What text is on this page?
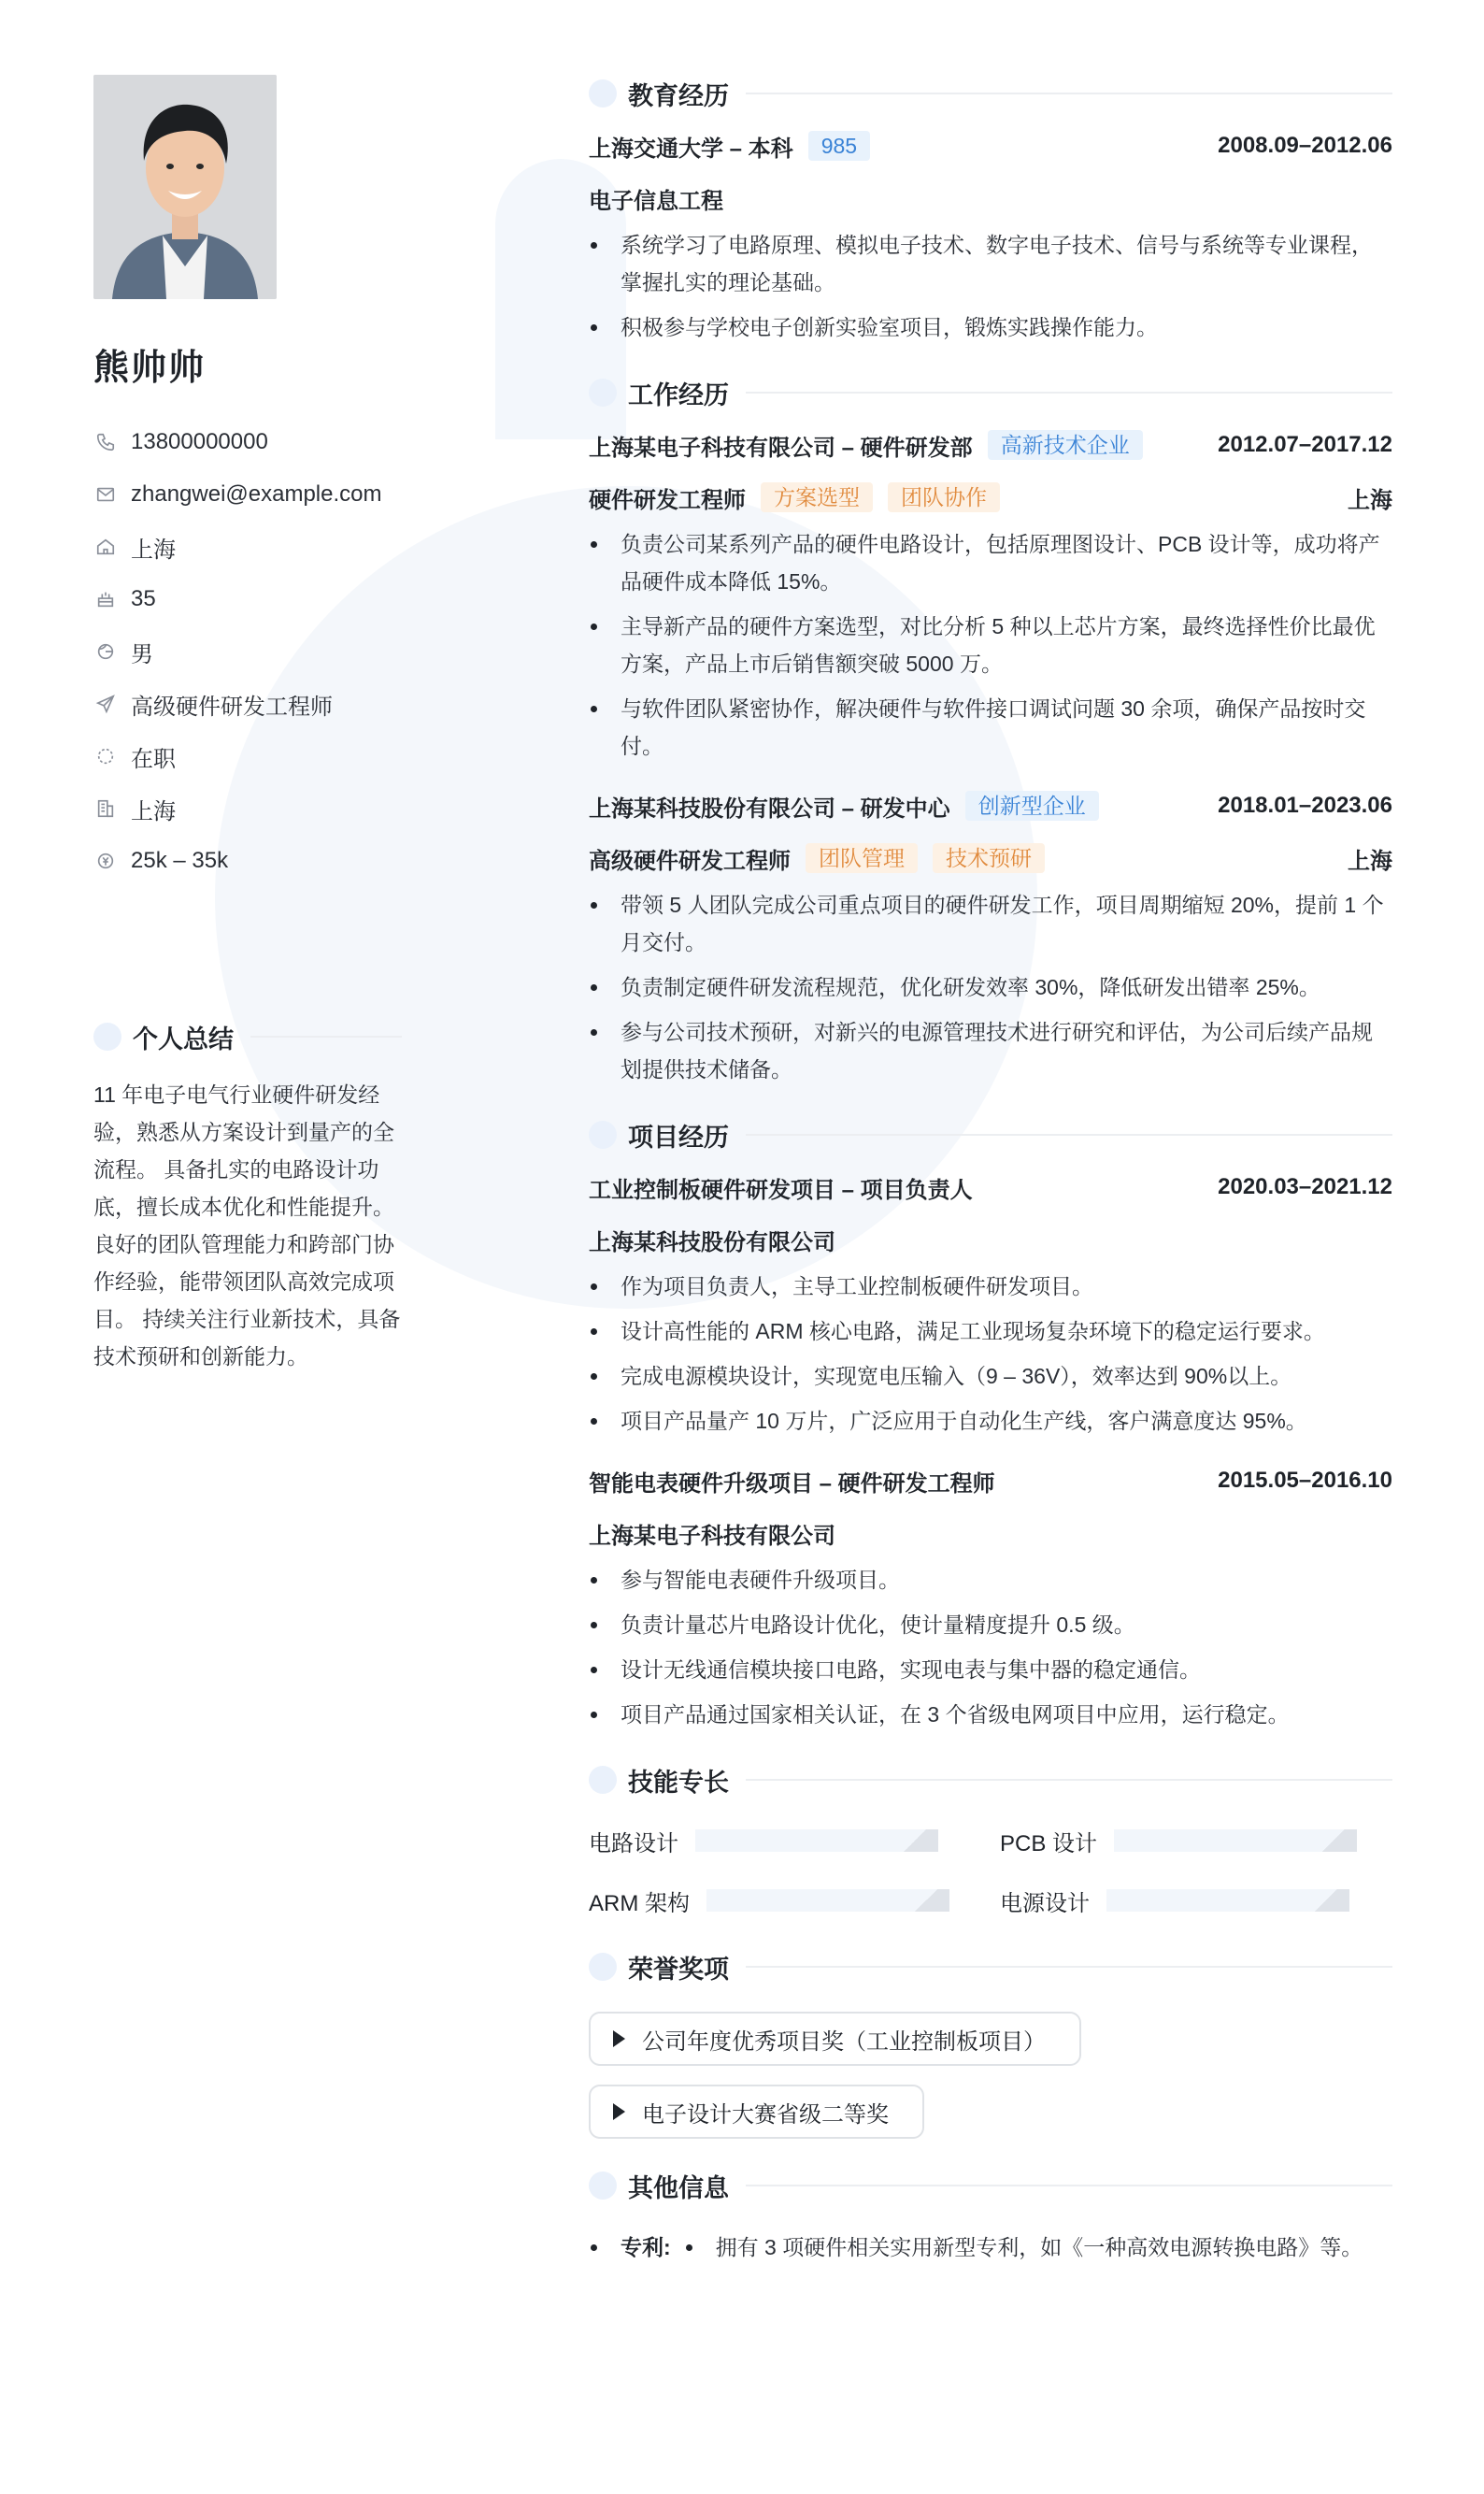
熊帅帅
13800000000
zhangwei@example.com
上海
35
男
高级硬件研发工程师
在职
上海
25k – 35k
个人总结
11 年电子电气行业硬件研发经验，熟悉从方案设计到量产的全流程。 具备扎实的电路设计功底，擅长成本优化和性能提升。 良好的团队管理能力和跨部门协作经验，能带领团队高效完成项目。 持续关注行业新技术，具备技术预研和创新能力。
教育经历
上海交通大学 – 本科	985	2008.09–2012.06
电子信息工程
系统学习了电路原理、模拟电子技术、数字电子技术、信号与系统等专业课程，掌握扎实的理论基础。
积极参与学校电子创新实验室项目，锻炼实践操作能力。
工作经历
上海某电子科技有限公司 – 硬件研发部	高新技术企业	2012.07–2017.12
硬件研发工程师	方案选型	团队协作	上海
负责公司某系列产品的硬件电路设计，包括原理图设计、PCB 设计等，成功将产品硬件成本降低 15%。
主导新产品的硬件方案选型，对比分析 5 种以上芯片方案，最终选择性价比最优方案，产品上市后销售额突破 5000 万。
与软件团队紧密协作，解决硬件与软件接口调试问题 30 余项，确保产品按时交付。
上海某科技股份有限公司 – 研发中心	创新型企业	2018.01–2023.06
高级硬件研发工程师	团队管理	技术预研	上海
带领 5 人团队完成公司重点项目的硬件研发工作，项目周期缩短 20%，提前 1 个月交付。
负责制定硬件研发流程规范，优化研发效率 30%，降低研发出错率 25%。
参与公司技术预研，对新兴的电源管理技术进行研究和评估，为公司后续产品规划提供技术储备。
项目经历
工业控制板硬件研发项目 – 项目负责人	2020.03–2021.12
上海某科技股份有限公司
作为项目负责人，主导工业控制板硬件研发项目。
设计高性能的 ARM 核心电路，满足工业现场复杂环境下的稳定运行要求。
完成电源模块设计，实现宽电压输入（9 – 36V），效率达到 90%以上。
项目产品量产 10 万片，广泛应用于自动化生产线，客户满意度达 95%。
智能电表硬件升级项目 – 硬件研发工程师	2015.05–2016.10
上海某电子科技有限公司
参与智能电表硬件升级项目。
负责计量芯片电路设计优化，使计量精度提升 0.5 级。
设计无线通信模块接口电路，实现电表与集中器的稳定通信。
项目产品通过国家相关认证，在 3 个省级电网项目中应用，运行稳定。
技能专长
电路设计	PCB 设计
ARM 架构	电源设计
荣誉奖项
公司年度优秀项目奖（工业控制板项目）
电子设计大赛省级二等奖
其他信息
专利:	拥有 3 项硬件相关实用新型专利，如《一种高效电源转换电路》等。
